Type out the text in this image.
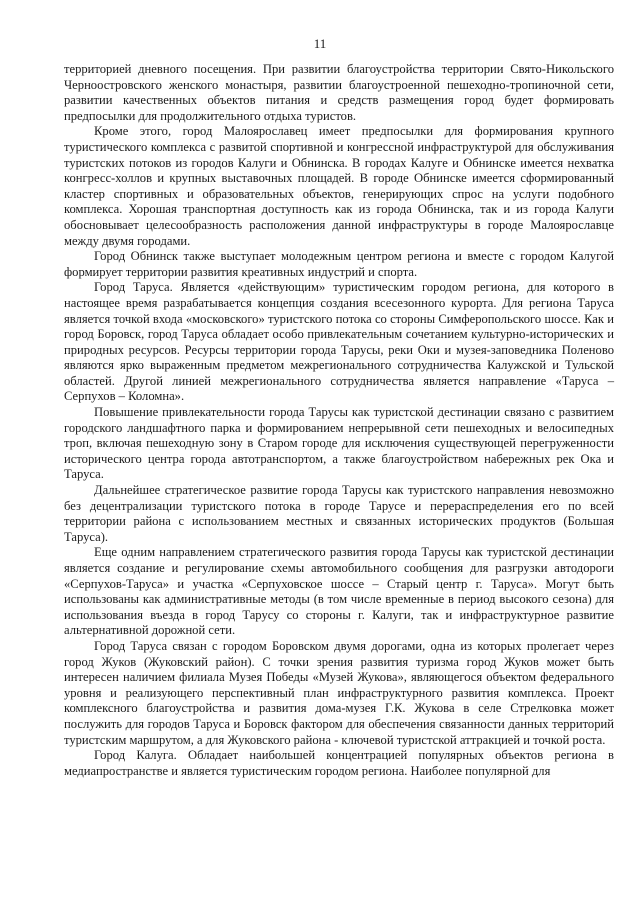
11

территорией дневного посещения. При развитии благоустройства территории Свято-Никольского Черноостровского женского монастыря, развитии благоустроенной пешеходно-тропиночной сети, развитии качественных объектов питания и средств размещения город будет формировать предпосылки для продолжительного отдыха туристов.

Кроме этого, город Малоярославец имеет предпосылки для формирования крупного туристического комплекса с развитой спортивной и конгрессной инфраструктурой для обслуживания туристских потоков из городов Калуги и Обнинска. В городах Калуге и Обнинске имеется нехватка конгресс-холлов и крупных выставочных площадей. В городе Обнинске имеется сформированный кластер спортивных и образовательных объектов, генерирующих спрос на услуги подобного комплекса. Хорошая транспортная доступность как из города Обнинска, так и из города Калуги обосновывает целесообразность расположения данной инфраструктуры в городе Малоярославце между двумя городами.

Город Обнинск также выступает молодежным центром региона и вместе с городом Калугой формирует территории развития креативных индустрий и спорта.

Город Таруса. Является «действующим» туристическим городом региона, для которого в настоящее время разрабатывается концепция создания всесезонного курорта. Для региона Таруса является точкой входа «московского» туристского потока со стороны Симферопольского шоссе. Как и город Боровск, город Таруса обладает особо привлекательным сочетанием культурно-исторических и природных ресурсов. Ресурсы территории города Тарусы, реки Оки и музея-заповедника Поленово являются ярко выраженным предметом межрегионального сотрудничества Калужской и Тульской областей. Другой линией межрегионального сотрудничества является направление «Таруса – Серпухов – Коломна».

Повышение привлекательности города Тарусы как туристской дестинации связано с развитием городского ландшафтного парка и формированием непрерывной сети пешеходных и велосипедных троп, включая пешеходную зону в Старом городе для исключения существующей перегруженности исторического центра города автотранспортом, а также благоустройством набережных рек Ока и Таруса.

Дальнейшее стратегическое развитие города Тарусы как туристского направления невозможно без децентрализации туристского потока в городе Тарусе и перераспределения его по всей территории района с использованием местных и связанных исторических продуктов (Большая Таруса).

Еще одним направлением стратегического развития города Тарусы как туристской дестинации является создание и регулирование схемы автомобильного сообщения для разгрузки автодороги «Серпухов-Таруса» и участка «Серпуховское шоссе – Старый центр г. Таруса». Могут быть использованы как административные методы (в том числе временные в период высокого сезона) для использования въезда в город Тарусу со стороны г. Калуги, так и инфраструктурное развитие альтернативной дорожной сети.

Город Таруса связан с городом Боровском двумя дорогами, одна из которых пролегает через город Жуков (Жуковский район). С точки зрения развития туризма город Жуков может быть интересен наличием филиала Музея Победы «Музей Жукова», являющегося объектом федерального уровня и реализующего перспективный план инфраструктурного развития комплекса. Проект комплексного благоустройства и развития дома-музея Г.К. Жукова в селе Стрелковка может послужить для городов Таруса и Боровск фактором для обеспечения связанности данных территорий туристским маршрутом, а для Жуковского района - ключевой туристской аттракцией и точкой роста.

Город Калуга. Обладает наибольшей концентрацией популярных объектов региона в медиапространстве и является туристическим городом региона. Наиболее популярной для
